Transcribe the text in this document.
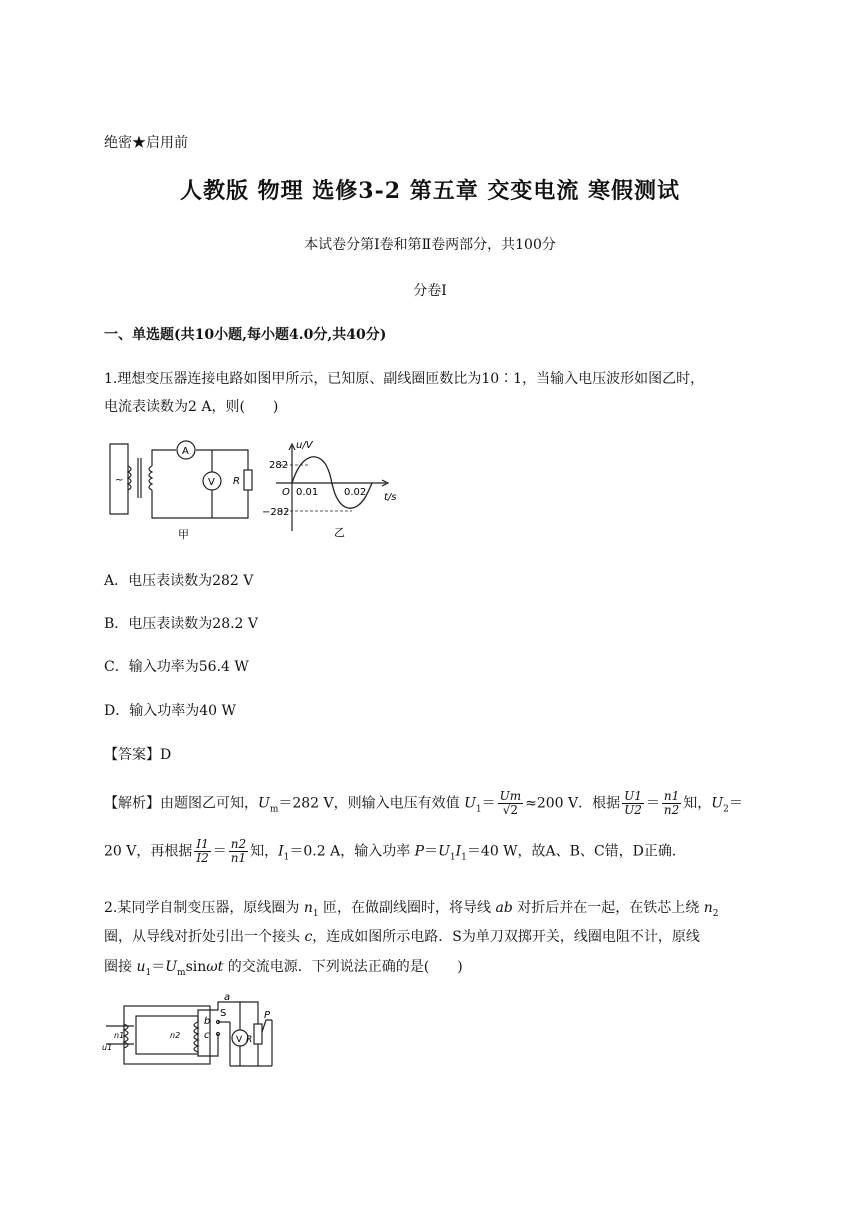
绝密★启用前
人教版 物理 选修3-2 第五章 交变电流 寒假测试
本试卷分第Ⅰ卷和第Ⅱ卷两部分，共100分
分卷I
一、单选题(共10小题,每小题4.0分,共40分)
1.理想变压器连接电路如图甲所示，已知原、副线圈匝数比为10∶1，当输入电压波形如图乙时，
电流表读数为2 A，则(　　)
~
A
V R
u/V
t/s
282
−282
O 0.01	0.02
甲	乙
A．电压表读数为282 V
B．电压表读数为28.2 V
C．输入功率为56.4 W
D．输入功率为40 W
【答案】D
【解析】由题图乙可知，$U_m=282$ V，则输入电压有效值 $U_1= \frac{Um}{√2} \approx 200$ V．根据 $\frac{U1}{U2} = \frac{n1}{n2}$ 知，$U_2=$
20 V，再根据 $\frac{I1}{I2} = \frac{n2}{n1}$ 知，$I_1=0.2$ A，输入功率 $P=U_1I_1=40$ W，故A、B、C错，D正确．
2.某同学自制变压器，原线圈为 $n_1$ 匝，在做副线圈时，将导线 ab 对折后并在一起，在铁芯上绕 $n_2$
圈，从导线对折处引出一个接头 c，连成如图所示电路．S为单刀双掷开关，线圈电阻不计，原线
圈接 $u_1=U_m\sin\omega t$ 的交流电源．下列说法正确的是(　　)
a
b
c
S
V R
P
n1	n2
u1
